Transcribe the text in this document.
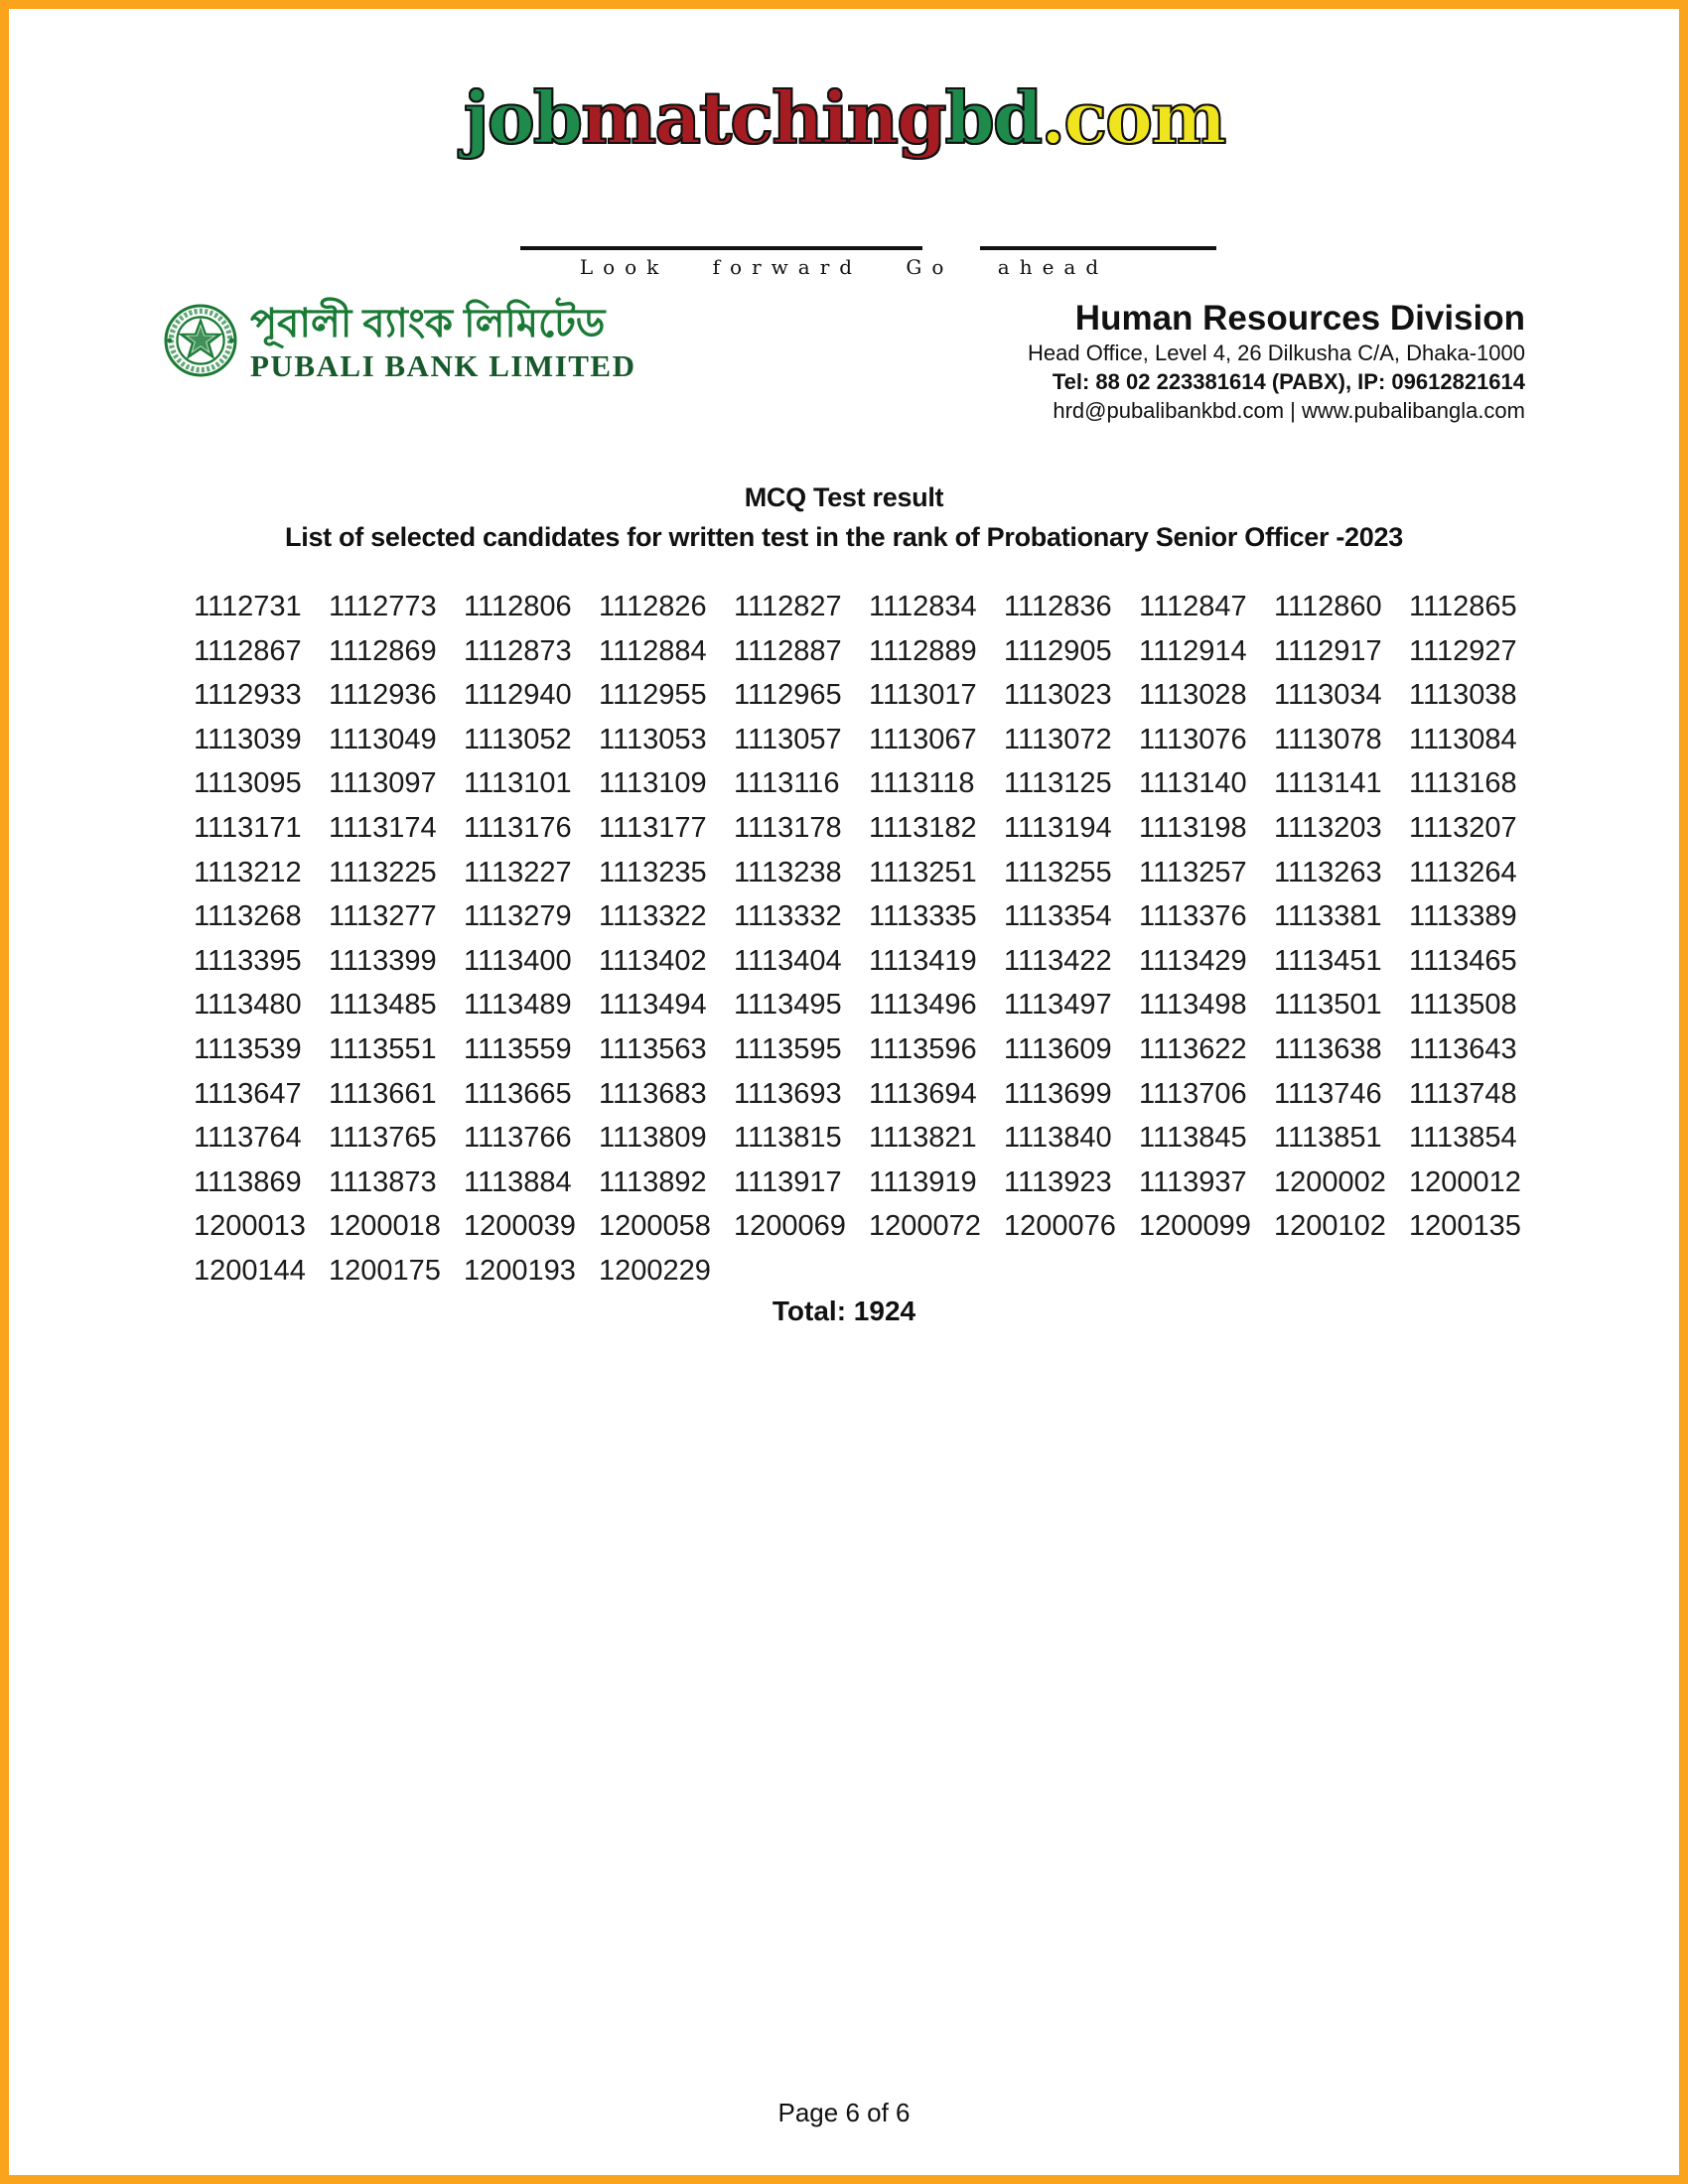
jobmatchingbd.com
Look forward Go ahead
পূবালী ব্যাংক লিমিটেড
PUBALI BANK LIMITED
Human Resources Division
Head Office, Level 4, 26 Dilkusha C/A, Dhaka-1000
Tel: 88 02 223381614 (PABX), IP: 09612821614
hrd@pubalibankbd.com | www.pubalibangla.com
MCQ Test result
List of selected candidates for written test in the rank of Probationary Senior Officer -2023
1112731 1112773 1112806 1112826 1112827 1112834 1112836 1112847 1112860 1112865
1112867 1112869 1112873 1112884 1112887 1112889 1112905 1112914 1112917 1112927
1112933 1112936 1112940 1112955 1112965 1113017 1113023 1113028 1113034 1113038
1113039 1113049 1113052 1113053 1113057 1113067 1113072 1113076 1113078 1113084
1113095 1113097 1113101 1113109 1113116	1113118	1113125 1113140 1113141 1113168
1113171 1113174 1113176 1113177 1113178 1113182 1113194 1113198 1113203 1113207
1113212 1113225 1113227 1113235 1113238 1113251 1113255 1113257 1113263 1113264
1113268 1113277 1113279 1113322 1113332 1113335 1113354 1113376 1113381 1113389
1113395 1113399 1113400 1113402 1113404 1113419 1113422 1113429 1113451 1113465
1113480 1113485 1113489 1113494 1113495 1113496 1113497 1113498 1113501 1113508
1113539 1113551 1113559 1113563 1113595 1113596 1113609 1113622 1113638 1113643
1113647 1113661 1113665 1113683 1113693 1113694 1113699 1113706 1113746 1113748
1113764 1113765 1113766 1113809 1113815 1113821 1113840 1113845 1113851 1113854
1113869 1113873 1113884 1113892 1113917 1113919 1113923 1113937 1200002 1200012
1200013 1200018 1200039 1200058 1200069 1200072 1200076 1200099 1200102 1200135
1200144 1200175 1200193 1200229
Total: 1924
Page 6 of 6
